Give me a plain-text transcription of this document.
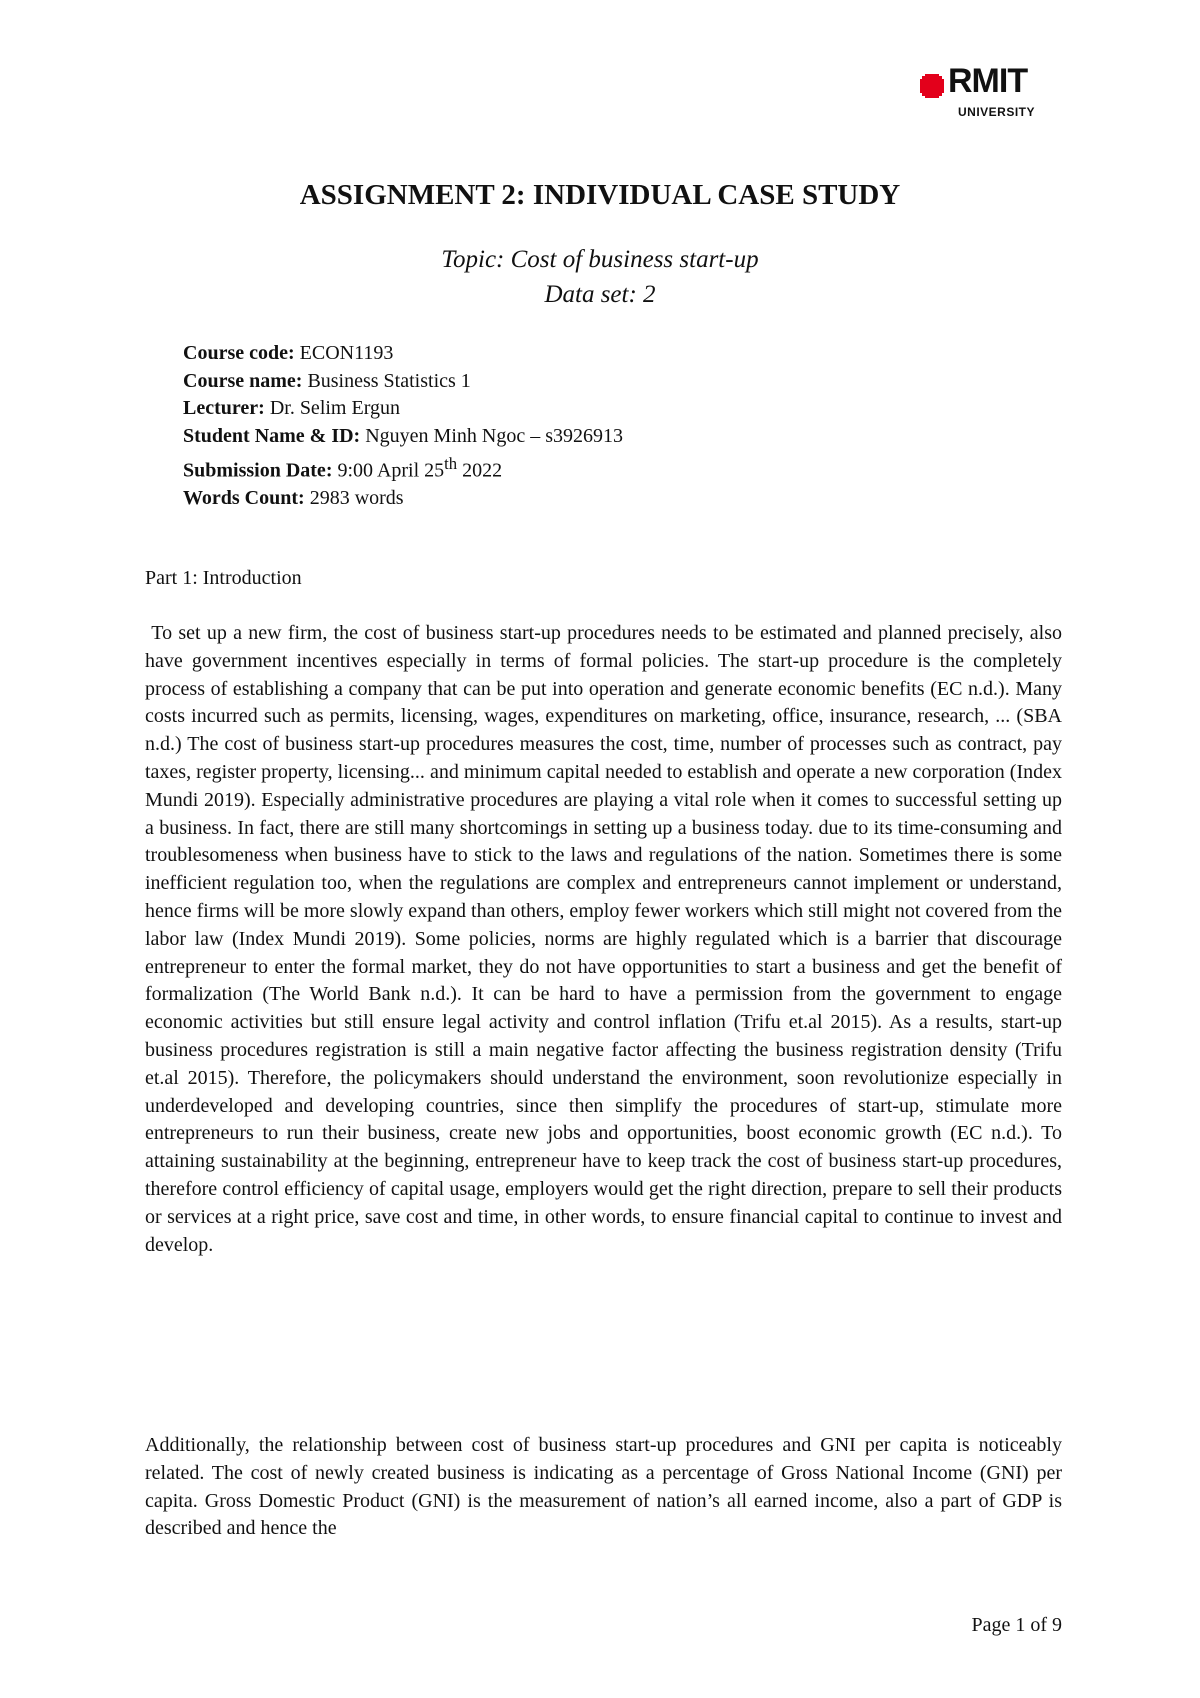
RMIT
UNIVERSITY
ASSIGNMENT 2: INDIVIDUAL CASE STUDY
Topic: Cost of business start-up
Data set: 2
Course code: ECON1193
Course name: Business Statistics 1
Lecturer: Dr. Selim Ergun
Student Name & ID: Nguyen Minh Ngoc – s3926913
Submission Date: 9:00 April 25th 2022
Words Count: 2983 words
Part 1: Introduction

To set up a new firm, the cost of business start-up procedures needs to be estimated and planned precisely, also have government incentives especially in terms of formal policies. The start-up procedure is the completely process of establishing a company that can be put into operation and generate economic benefits (EC n.d.). Many costs incurred such as permits, licensing, wages, expenditures on marketing, office, insurance, research, ... (SBA n.d.) The cost of business start-up procedures measures the cost, time, number of processes such as contract, pay taxes, register property, licensing... and minimum capital needed to establish and operate a new corporation (Index Mundi 2019). Especially administrative procedures are playing a vital role when it comes to successful setting up a business. In fact, there are still many shortcomings in setting up a business today. due to its time-consuming and troublesomeness when business have to stick to the laws and regulations of the nation. Sometimes there is some inefficient regulation too, when the regulations are complex and entrepreneurs cannot implement or understand, hence firms will be more slowly expand than others, employ fewer workers which still might not covered from the labor law (Index Mundi 2019). Some policies, norms are highly regulated which is a barrier that discourage entrepreneur to enter the formal market, they do not have opportunities to start a business and get the benefit of formalization (The World Bank n.d.). It can be hard to have a permission from the government to engage economic activities but still ensure legal activity and control inflation (Trifu et.al 2015). As a results, start-up business procedures registration is still a main negative factor affecting the business registration density (Trifu et.al 2015). Therefore, the policymakers should understand the environment, soon revolutionize especially in underdeveloped and developing countries, since then simplify the procedures of start-up, stimulate more entrepreneurs to run their business, create new jobs and opportunities, boost economic growth (EC n.d.). To attaining sustainability at the beginning, entrepreneur have to keep track the cost of business start-up procedures, therefore control efficiency of capital usage, employers would get the right direction, prepare to sell their products or services at a right price, save cost and time, in other words, to ensure financial capital to continue to invest and develop.

Additionally, the relationship between cost of business start-up procedures and GNI per capita is noticeably related. The cost of newly created business is indicating as a percentage of Gross National Income (GNI) per capita. Gross Domestic Product (GNI) is the measurement of nation’s all earned income, also a part of GDP is described and hence the

Page 1 of 9
